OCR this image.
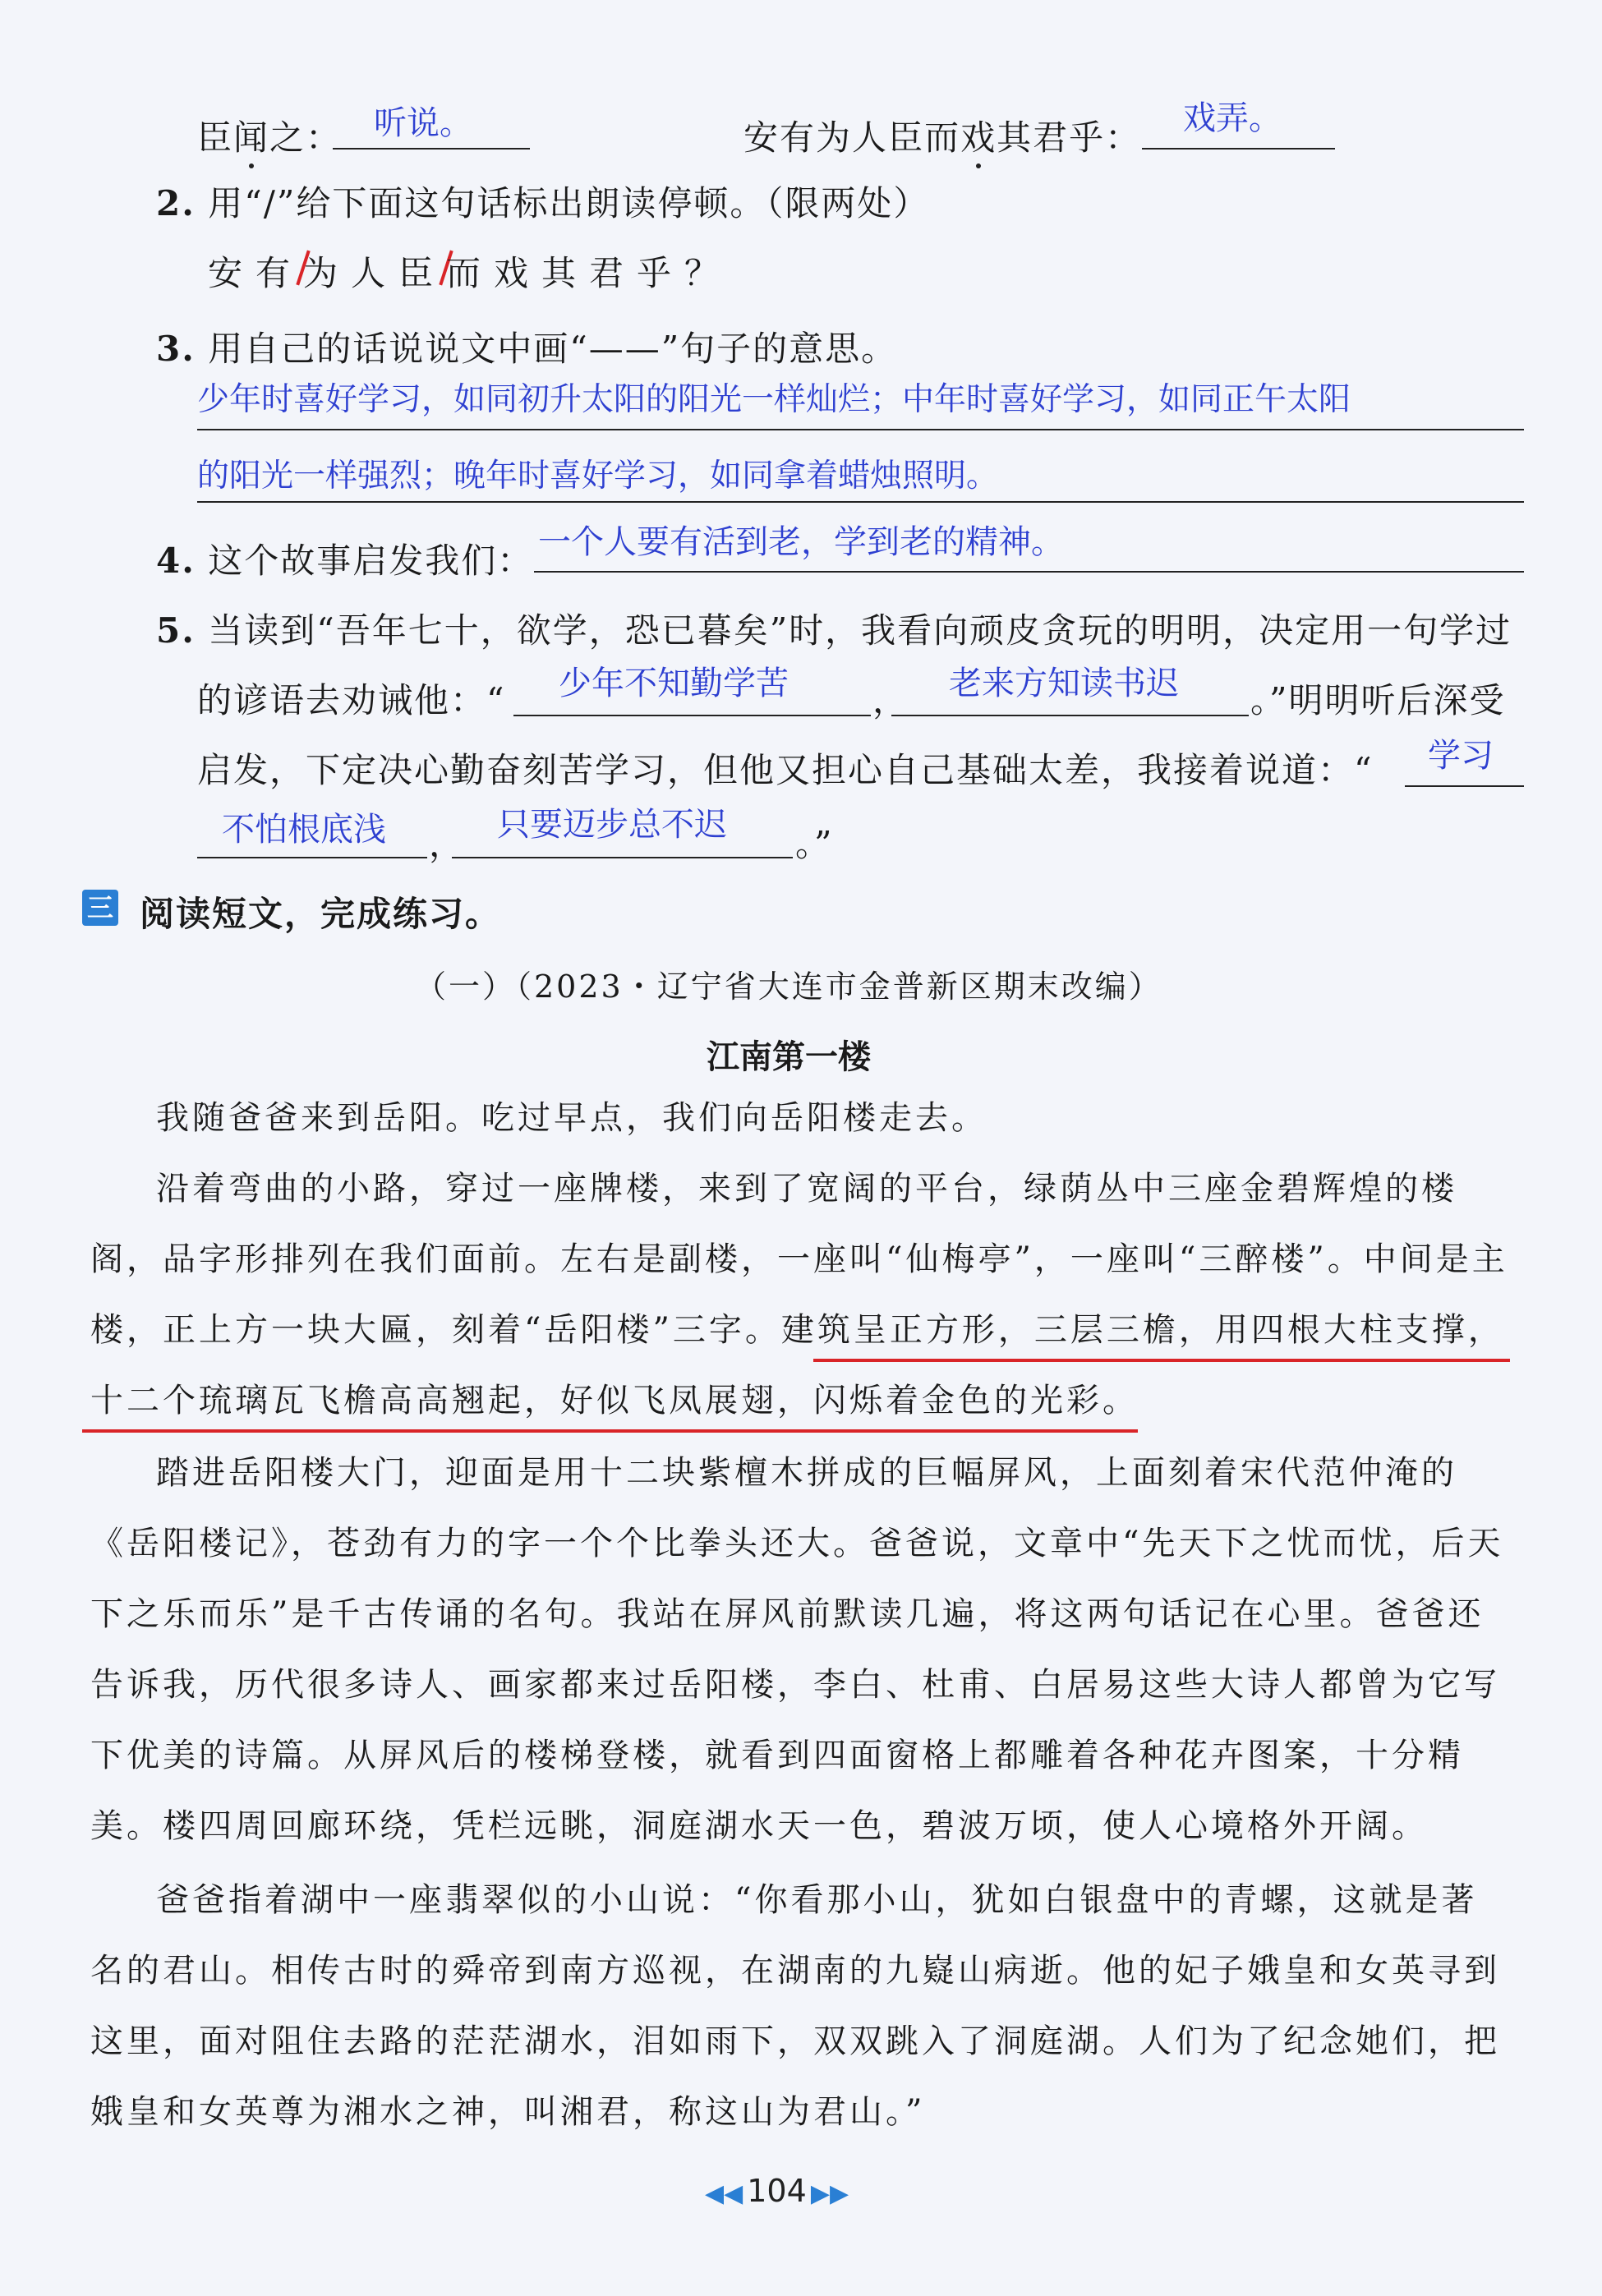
臣闻之： 听说。	安有为人臣而戏其君乎： 戏弄。
2. 用“/”给下面这句话标出朗读停顿。（限两处）
安 有 为 人 臣 而 戏 其 君 乎 ？
3. 用自己的话说说文中画“——”句子的意思。
少年时喜好学习，如同初升太阳的阳光一样灿烂；中年时喜好学习，如同正午太阳
的阳光一样强烈；晚年时喜好学习，如同拿着蜡烛照明。
4. 这个故事启发我们： 一个人要有活到老，学到老的精神。
5. 当读到“吾年七十，欲学，恐已暮矣”时，我看向顽皮贪玩的明明，决定用一句学过
的谚语去劝诫他：“ 少年不知勤学苦 ， 老来方知读书迟 。”明明听后深受
启发，下定决心勤奋刻苦学习，但他又担心自己基础太差，我接着说道：“ 学习
不怕根底浅 ， 只要迈步总不迟 。”
三 阅读短文，完成练习。
（一）（2023・辽宁省大连市金普新区期末改编）
江南第一楼
我随爸爸来到岳阳。吃过早点，我们向岳阳楼走去。
沿着弯曲的小路，穿过一座牌楼，来到了宽阔的平台，绿荫丛中三座金碧辉煌的楼阁，品字形排列在我们面前。左右是副楼，一座叫“仙梅亭”，一座叫“三醉楼”。中间是主楼，正上方一块大匾，刻着“岳阳楼”三字。建筑呈正方形，三层三檐，用四根大柱支撑，十二个琉璃瓦飞檐高高翘起，好似飞凤展翅，闪烁着金色的光彩。
踏进岳阳楼大门，迎面是用十二块紫檀木拼成的巨幅屏风，上面刻着宋代范仲淹的《岳阳楼记》，苍劲有力的字一个个比拳头还大。爸爸说，文章中“先天下之忧而忧，后天下之乐而乐”是千古传诵的名句。我站在屏风前默读几遍，将这两句话记在心里。爸爸还告诉我，历代很多诗人、画家都来过岳阳楼，李白、杜甫、白居易这些大诗人都曾为它写下优美的诗篇。从屏风后的楼梯登楼，就看到四面窗格上都雕着各种花卉图案，十分精美。楼四周回廊环绕，凭栏远眺，洞庭湖水天一色，碧波万顷，使人心境格外开阔。
爸爸指着湖中一座翡翠似的小山说：“你看那小山，犹如白银盘中的青螺，这就是著名的君山。相传古时的舜帝到南方巡视，在湖南的九嶷山病逝。他的妃子娥皇和女英寻到这里，面对阻住去路的茫茫湖水，泪如雨下，双双跳入了洞庭湖。人们为了纪念她们，把娥皇和女英尊为湘水之神，叫湘君，称这山为君山。”
◀◀ 104 ▶▶
